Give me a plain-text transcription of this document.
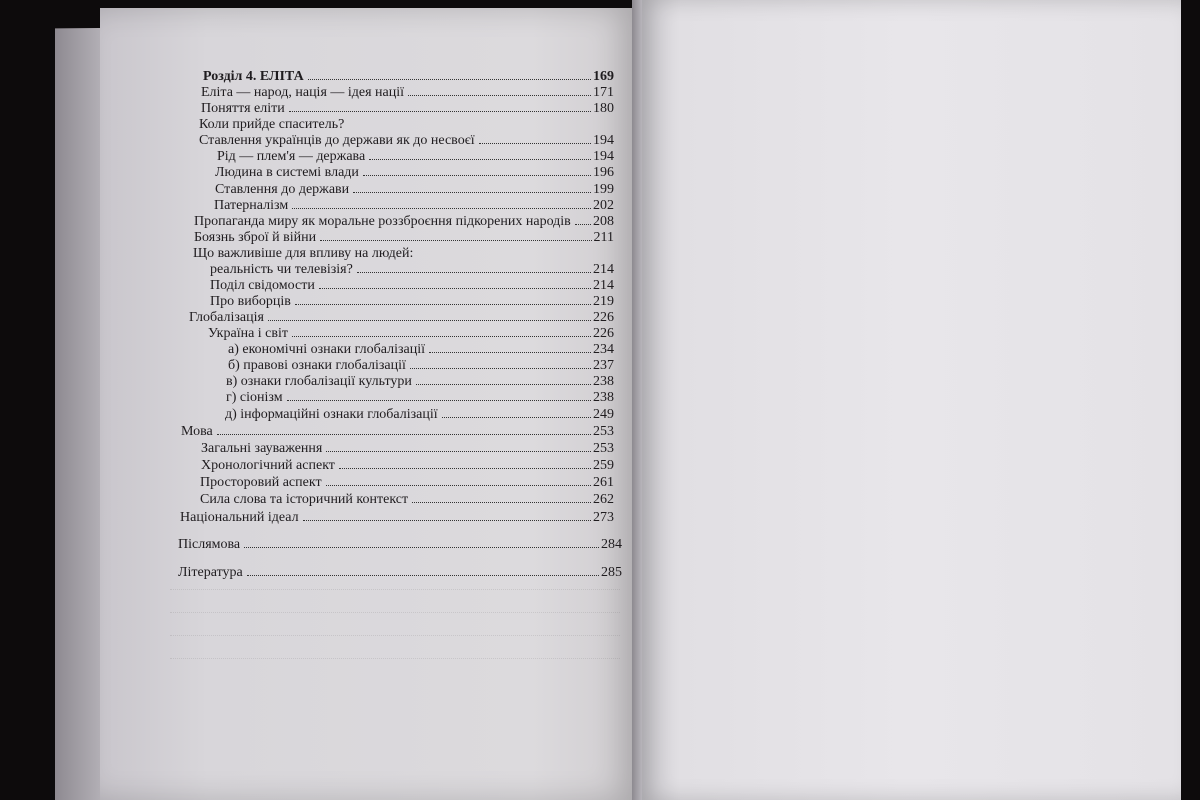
Розділ 4. ЕЛІТА	169
Еліта — народ, нація — ідея нації	171
Поняття еліти	180
Коли прийде спаситель?
Ставлення українців до держави як до несвоєї	194
Рід — плем'я — держава	194
Людина в системі влади	196
Ставлення до держави	199
Патерналізм	202
Пропаганда миру як моральне роззброєння підкорених народів 208
Боязнь зброї й війни	211
Що важливіше для впливу на людей:
реальність чи телевізія?	214
Поділ свідомости	214
Про виборців	219
Глобалізація	226
Україна і світ	226
а) економічні ознаки глобалізації	234
б) правові ознаки глобалізації	237
в) ознаки глобалізації культури	238
г) сіонізм	238
д) інформаційні ознаки глобалізації	249
Мова	253
Загальні зауваження	253
Хронологічний аспект	259
Просторовий аспект	261
Сила слова та історичний контекст	262
Національний ідеал	273
Післямова	284
Література	285
